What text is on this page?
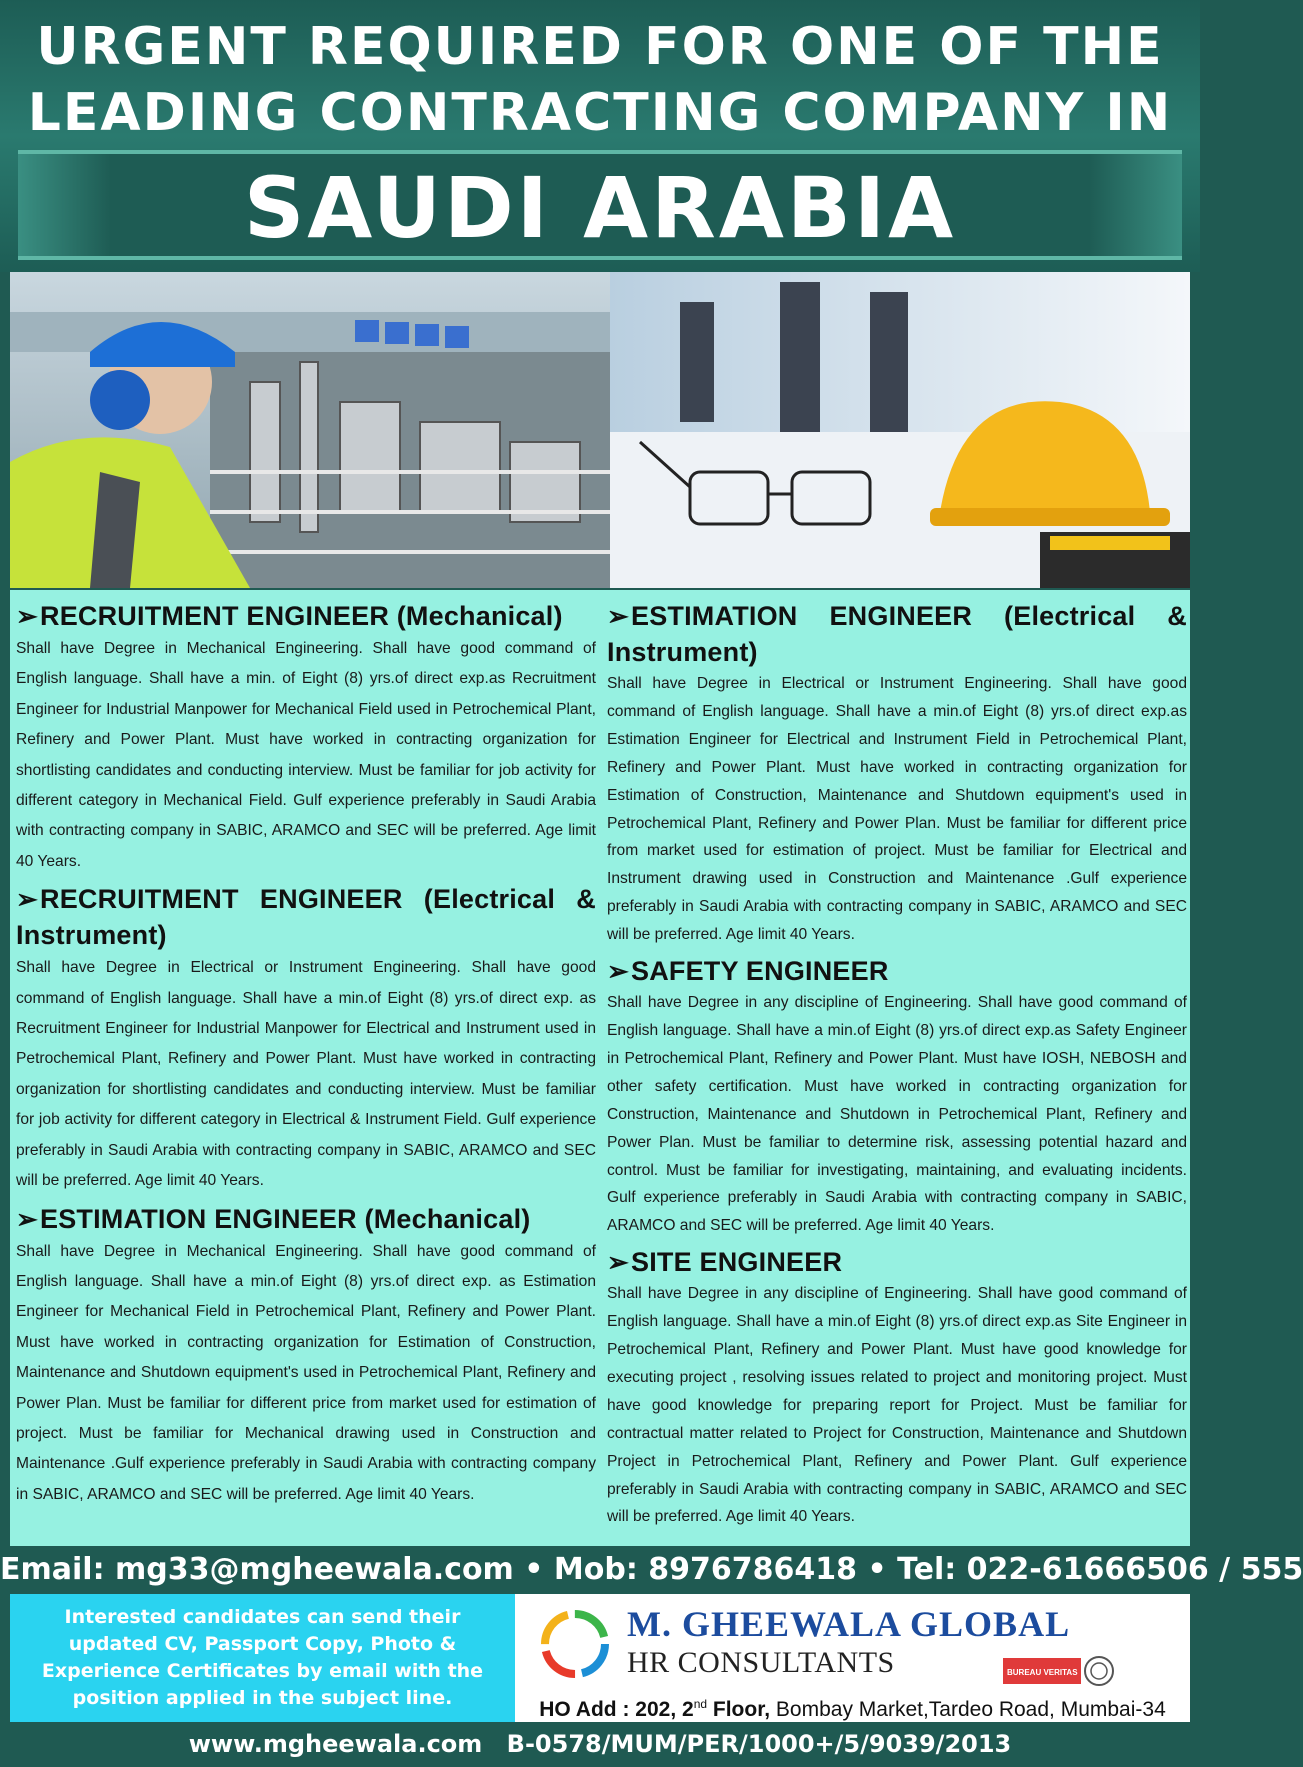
URGENT REQUIRED FOR ONE OF THE
LEADING CONTRACTING COMPANY IN
SAUDI ARABIA
➢RECRUITMENT ENGINEER (Mechanical)

Shall have Degree in Mechanical Engineering. Shall have good command of English language. Shall have a min. of Eight (8) yrs.of direct exp.as Recruitment Engineer for Industrial Manpower for Mechanical Field used in Petrochemical Plant, Refinery and Power Plant. Must have worked in contracting organization for shortlisting candidates and conducting interview. Must be familiar for job activity for different category in Mechanical Field. Gulf experience preferably in Saudi Arabia with contracting company in SABIC, ARAMCO and SEC will be preferred. Age limit 40 Years.

➢RECRUITMENT ENGINEER (Electrical & Instrument)

Shall have Degree in Electrical or Instrument Engineering. Shall have good command of English language. Shall have a min.of Eight (8) yrs.of direct exp. as Recruitment Engineer for Industrial Manpower for Electrical and Instrument used in Petrochemical Plant, Refinery and Power Plant. Must have worked in contracting organization for shortlisting candidates and conducting interview. Must be familiar for job activity for different category in Electrical & Instrument Field. Gulf experience preferably in Saudi Arabia with contracting company in SABIC, ARAMCO and SEC will be preferred. Age limit 40 Years.

➢ESTIMATION ENGINEER (Mechanical)

Shall have Degree in Mechanical Engineering. Shall have good command of English language. Shall have a min.of Eight (8) yrs.of direct exp. as Estimation Engineer for Mechanical Field in Petrochemical Plant, Refinery and Power Plant. Must have worked in contracting organization for Estimation of Construction, Maintenance and Shutdown equipment's used in Petrochemical Plant, Refinery and Power Plan. Must be familiar for different price from market used for estimation of project. Must be familiar for Mechanical drawing used in Construction and Maintenance .Gulf experience preferably in Saudi Arabia with contracting company in SABIC, ARAMCO and SEC will be preferred. Age limit 40 Years.

➢ESTIMATION ENGINEER (Electrical & Instrument)

Shall have Degree in Electrical or Instrument Engineering. Shall have good command of English language. Shall have a min.of Eight (8) yrs.of direct exp.as Estimation Engineer for Electrical and Instrument Field in Petrochemical Plant, Refinery and Power Plant. Must have worked in contracting organization for Estimation of Construction, Maintenance and Shutdown equipment's used in Petrochemical Plant, Refinery and Power Plan. Must be familiar for different price from market used for estimation of project. Must be familiar for Electrical and Instrument drawing used in Construction and Maintenance .Gulf experience preferably in Saudi Arabia with contracting company in SABIC, ARAMCO and SEC will be preferred. Age limit 40 Years.

➢SAFETY ENGINEER

Shall have Degree in any discipline of Engineering. Shall have good command of English language. Shall have a min.of Eight (8) yrs.of direct exp.as Safety Engineer in Petrochemical Plant, Refinery and Power Plant. Must have IOSH, NEBOSH and other safety certification. Must have worked in contracting organization for Construction, Maintenance and Shutdown in Petrochemical Plant, Refinery and Power Plan. Must be familiar to determine risk, assessing potential hazard and control. Must be familiar for investigating, maintaining, and evaluating incidents. Gulf experience preferably in Saudi Arabia with contracting company in SABIC, ARAMCO and SEC will be preferred. Age limit 40 Years.

➢SITE ENGINEER

Shall have Degree in any discipline of Engineering. Shall have good command of English language. Shall have a min.of Eight (8) yrs.of direct exp.as Site Engineer in Petrochemical Plant, Refinery and Power Plant. Must have good knowledge for executing project , resolving issues related to project and monitoring project. Must have good knowledge for preparing report for Project. Must be familiar for contractual matter related to Project for Construction, Maintenance and Shutdown Project in Petrochemical Plant, Refinery and Power Plant. Gulf experience preferably in Saudi Arabia with contracting company in SABIC, ARAMCO and SEC will be preferred. Age limit 40 Years.

Email: mg33@mgheewala.com • Mob: 8976786418 • Tel: 022-61666506 / 555

Interested candidates can send their updated CV, Passport Copy, Photo & Experience Certificates by email with the position applied in the subject line.

M. GHEEWALA GLOBAL
HR CONSULTANTS	BUREAU VERITAS
HO Add : 202, 2nd Floor, Bombay Market,Tardeo Road, Mumbai-34
www.mgheewala.com B-0578/MUM/PER/1000+/5/9039/2013
